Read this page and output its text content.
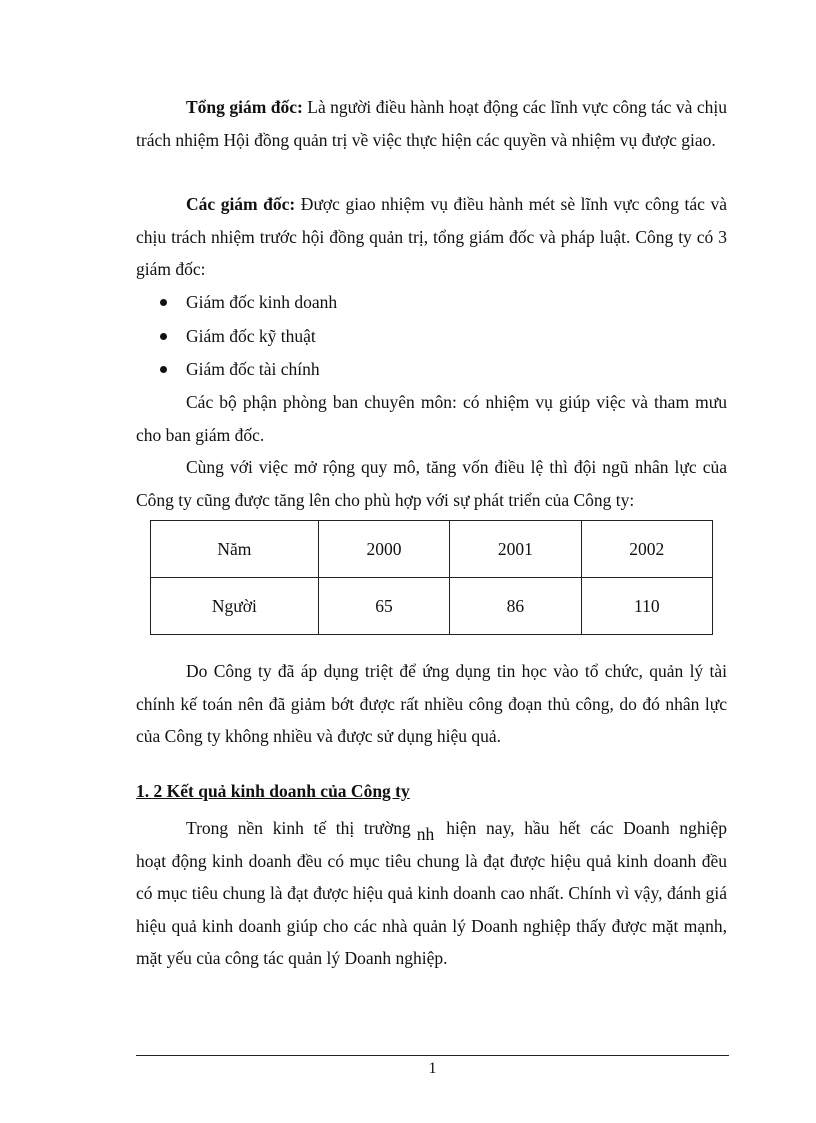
Tổng giám đốc: Là người điều hành hoạt động các lĩnh vực công tác và chịu trách nhiệm Hội đồng quản trị về việc thực hiện các quyền và nhiệm vụ được giao.

Các giám đốc: Được giao nhiệm vụ điều hành mét sè lĩnh vực công tác và chịu trách nhiệm trước hội đồng quản trị, tổng giám đốc và pháp luật. Công ty có 3 giám đốc:

Giám đốc kinh doanh
Giám đốc kỹ thuật
Giám đốc tài chính

Các bộ phận phòng ban chuyên môn: có nhiệm vụ giúp việc và tham mưu cho ban giám đốc.

Cùng với việc mở rộng quy mô, tăng vốn điều lệ thì đội ngũ nhân lực của Công ty cũng được tăng lên cho phù hợp với sự phát triển của Công ty:

Năm	2000	2001	2002
Người	65	86	110

Do Công ty đã áp dụng triệt để ứng dụng tin học vào tổ chức, quản lý tài chính kế toán nên đã giảm bớt được rất nhiều công đoạn thủ công, do đó nhân lực của Công ty không nhiều và được sử dụng hiệu quả.

1. 2 Kết quả kinh doanh của Công ty

Trong nền kinh tế thị trường nh hiện nay, hầu hết các Doanh nghiệp
hoạt động kinh doanh đều có mục tiêu chung là đạt được hiệu quả kinh doanh đều có mục tiêu chung là đạt được hiệu quả kinh doanh cao nhất. Chính vì vậy, đánh giá hiệu quả kinh doanh giúp cho các nhà quản lý Doanh nghiệp thấy được mặt mạnh, mặt yếu của công tác quản lý Doanh nghiệp.
1
